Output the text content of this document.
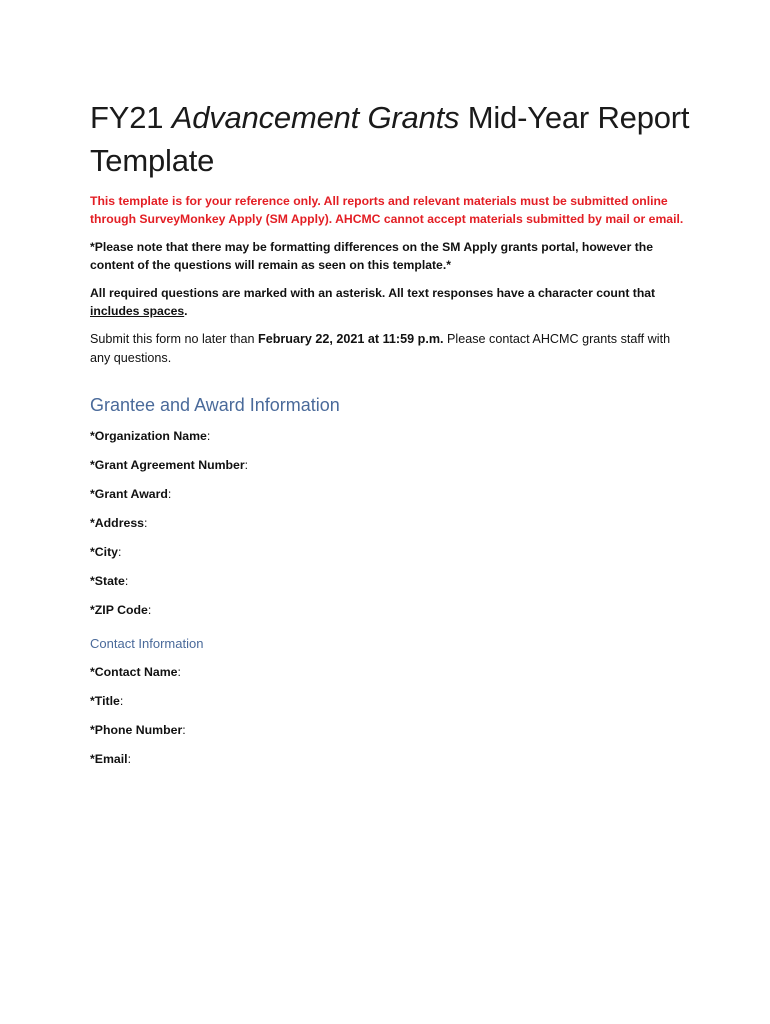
FY21 Advancement Grants Mid-Year Report Template

This template is for your reference only. All reports and relevant materials must be submitted online through SurveyMonkey Apply (SM Apply). AHCMC cannot accept materials submitted by mail or email.

*Please note that there may be formatting differences on the SM Apply grants portal, however the content of the questions will remain as seen on this template.*

All required questions are marked with an asterisk. All text responses have a character count that includes spaces.

Submit this form no later than February 22, 2021 at 11:59 p.m. Please contact AHCMC grants staff with any questions.

Grantee and Award Information

*Organization Name:

*Grant Agreement Number:

*Grant Award:

*Address:

*City:

*State:

*ZIP Code:

Contact Information

*Contact Name:

*Title:

*Phone Number:

*Email:
